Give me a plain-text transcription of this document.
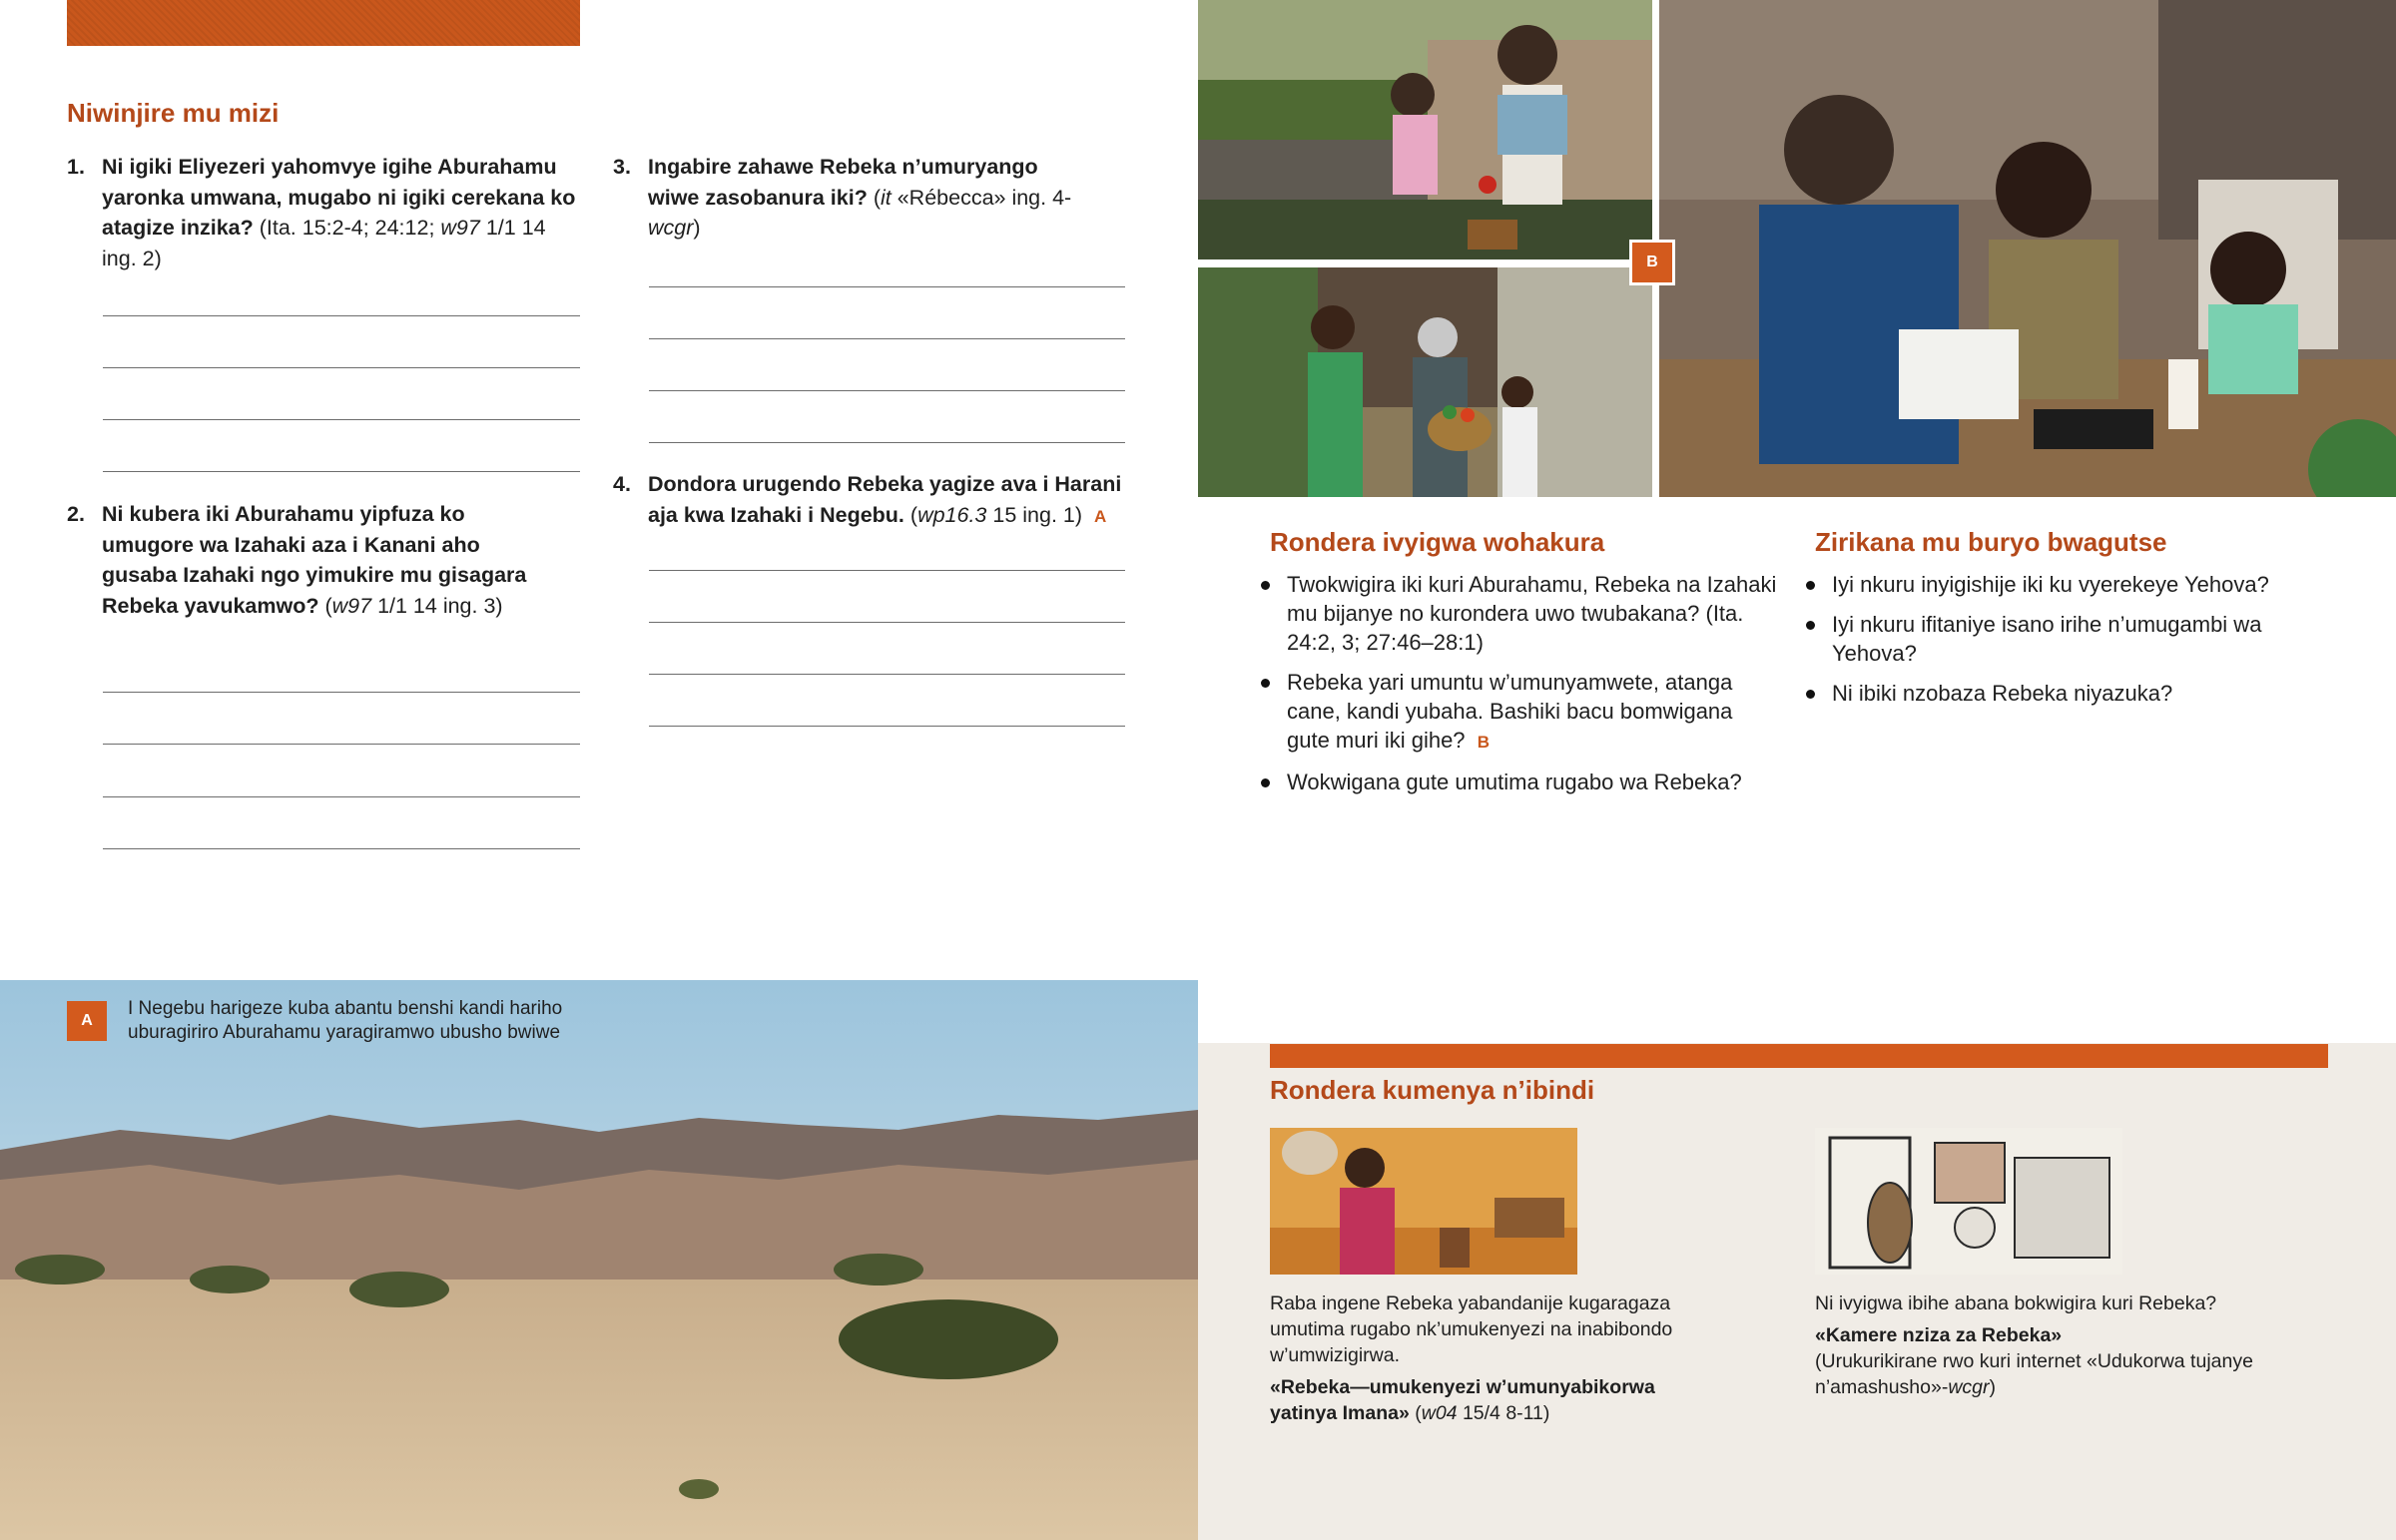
Niwinjire mu mizi
1. Ni igiki Eliyezeri yahomvye igihe Aburahamu yaronka umwana, mugabo ni igiki cerekana ko atagize inzika? (Ita. 15:2-4; 24:12; w97 1/1 14 ing. 2)
2. Ni kubera iki Aburahamu yipfuza ko umugore wa Izahaki aza i Kanani aho gusaba Izahaki ngo yimukire mu gisagara Rebeka yavukamwo? (w97 1/1 14 ing. 3)
3. Ingabire zahawe Rebeka n’umuryango wiwe zasobanura iki? (it «Rébecca» ing. 4-wcgr)
4. Dondora urugendo Rebeka yagize ava i Harani aja kwa Izahaki i Negebu. (wp16.3 15 ing. 1) A
B
Rondera ivyigwa wohakura
Twokwigira iki kuri Aburahamu, Rebeka na Izahaki mu bijanye no kurondera uwo twubakana? (Ita. 24:2, 3; 27:46–28:1)
Rebeka yari umuntu w’umunyamwete, atanga cane, kandi yubaha. Bashiki bacu bomwigana gute muri iki gihe? B
Wokwigana gute umutima rugabo wa Rebeka?
Zirikana mu buryo bwagutse
Iyi nkuru inyigishije iki ku vyerekeye Yehova?
Iyi nkuru ifitaniye isano irihe n’umugambi wa Yehova?
Ni ibiki nzobaza Rebeka niyazuka?
A
I Negebu harigeze kuba abantu benshi kandi hariho uburagiriro Aburahamu yaragiramwo ubusho bwiwe
Rondera kumenya n’ibindi
Raba ingene Rebeka yabandanije kugaragaza umutima rugabo nk’umukenyezi na inabibondo w’umwizigirwa.
«Rebeka—umukenyezi w’umunyabikorwa yatinya Imana» (w04 15/4 8-11)
Ni ivyigwa ibihe abana bokwigira kuri Rebeka?
«Kamere nziza za Rebeka»
(Urukurikirane rwo kuri internet «Udukorwa tujanye n’amashusho»-wcgr)
